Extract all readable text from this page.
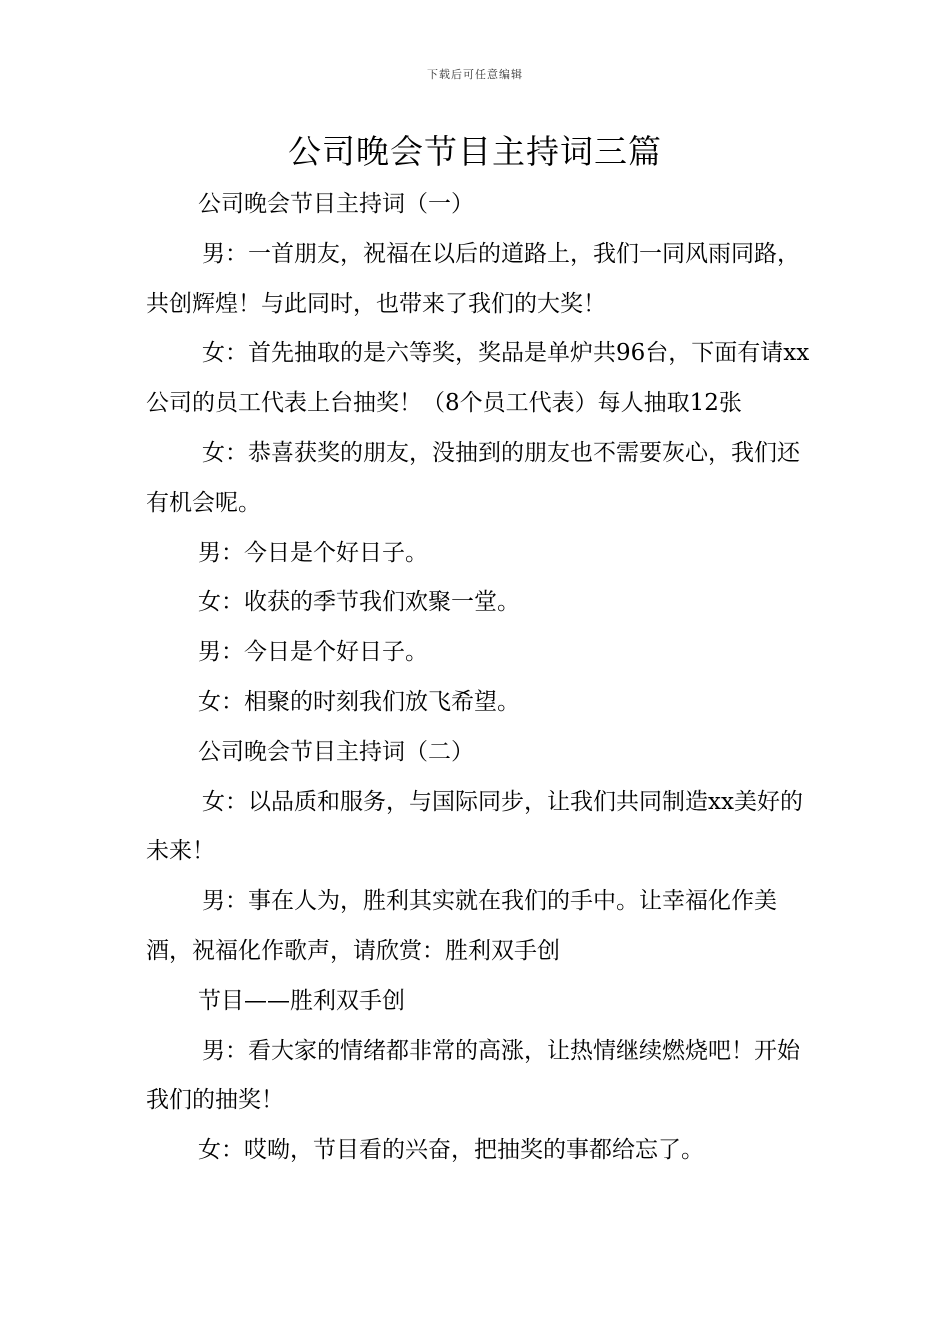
下载后可任意编辑
公司晚会节目主持词三篇

公司晚会节目主持词（一）

男：一首朋友，祝福在以后的道路上，我们一同风雨同路，共创辉煌！与此同时，也带来了我们的大奖！

女：首先抽取的是六等奖，奖品是单炉共96台，下面有请xx公司的员工代表上台抽奖！（8个员工代表）每人抽取12张

女：恭喜获奖的朋友，没抽到的朋友也不需要灰心，我们还有机会呢。

男：今日是个好日子。

女：收获的季节我们欢聚一堂。

男：今日是个好日子。

女：相聚的时刻我们放飞希望。

公司晚会节目主持词（二）

女：以品质和服务，与国际同步，让我们共同制造xx美好的未来！

男：事在人为，胜利其实就在我们的手中。让幸福化作美酒，祝福化作歌声，请欣赏：胜利双手创

节目——胜利双手创

男：看大家的情绪都非常的高涨，让热情继续燃烧吧！开始我们的抽奖！

女：哎呦，节目看的兴奋，把抽奖的事都给忘了。
